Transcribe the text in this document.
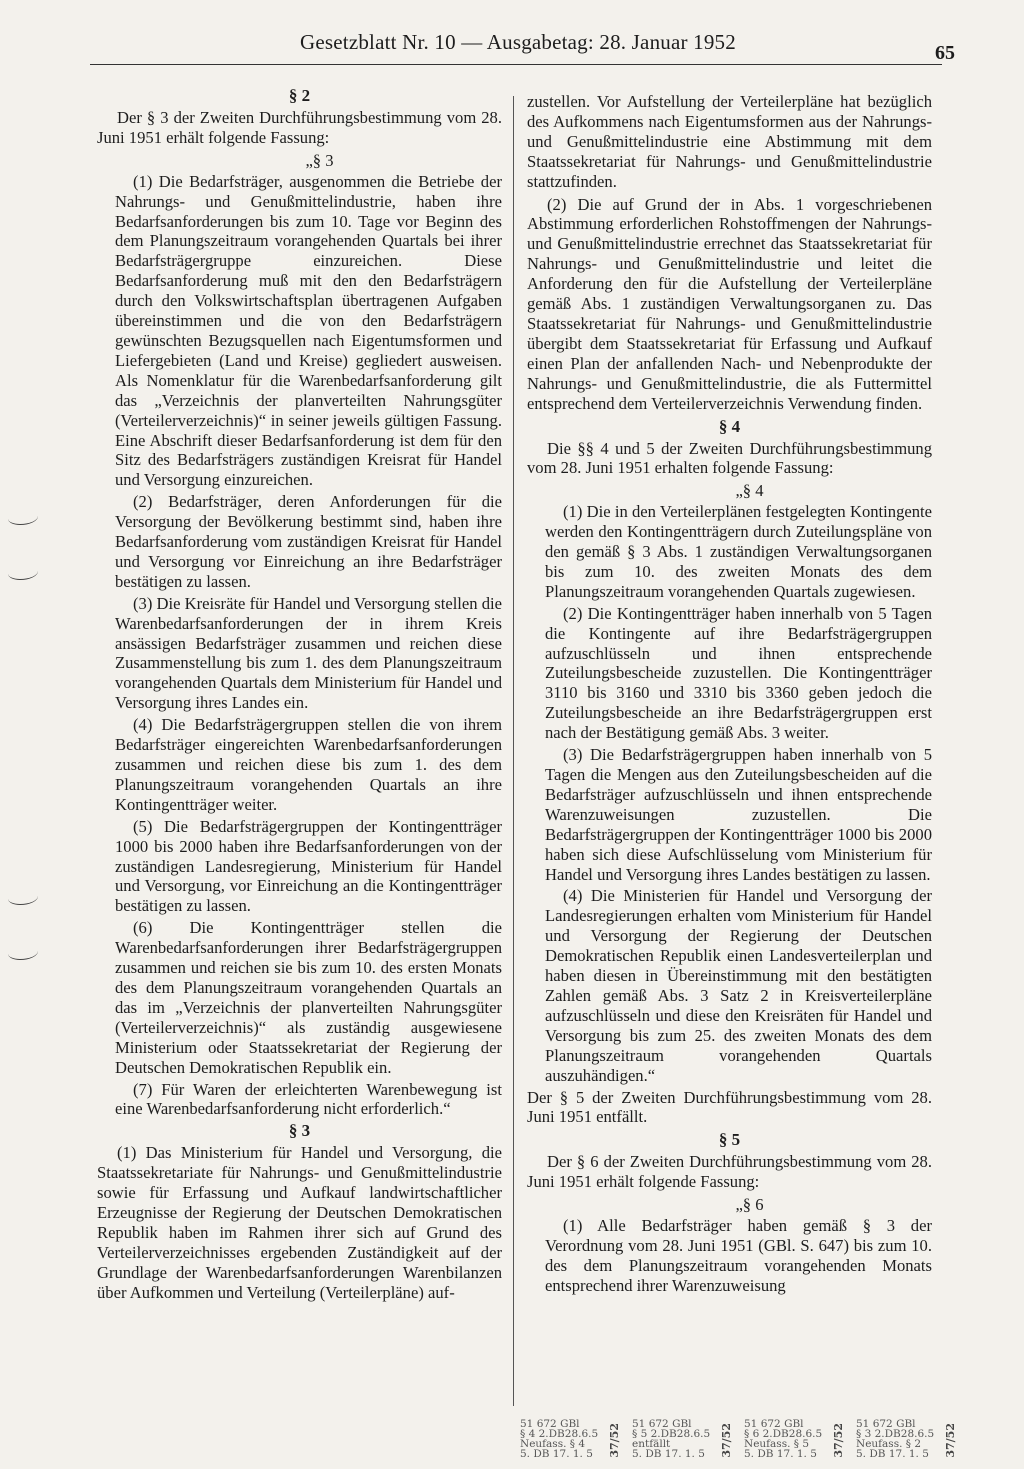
Gesetzblatt Nr. 10 — Ausgabetag: 28. Januar 1952	65
§ 2

Der § 3 der Zweiten Durchführungsbestimmung vom 28. Juni 1951 erhält folgende Fassung:

„§ 3

(1) Die Bedarfsträger, ausgenommen die Betriebe der Nahrungs- und Genußmittelindustrie, haben ihre Bedarfsanforderungen bis zum 10. Tage vor Beginn des dem Planungszeitraum vorangehenden Quartals bei ihrer Bedarfsträgergruppe einzureichen. Diese Bedarfsanforderung muß mit den den Bedarfsträgern durch den Volkswirtschaftsplan übertragenen Aufgaben übereinstimmen und die von den Bedarfsträgern gewünschten Bezugsquellen nach Eigentumsformen und Liefergebieten (Land und Kreise) gegliedert ausweisen. Als Nomenklatur für die Warenbedarfsanforderung gilt das „Verzeichnis der planverteilten Nahrungsgüter (Verteilerverzeichnis)“ in seiner jeweils gültigen Fassung. Eine Abschrift dieser Bedarfsanforderung ist dem für den Sitz des Bedarfsträgers zuständigen Kreisrat für Handel und Versorgung einzureichen.

(2) Bedarfsträger, deren Anforderungen für die Versorgung der Bevölkerung bestimmt sind, haben ihre Bedarfsanforderung vom zuständigen Kreisrat für Handel und Versorgung vor Einreichung an ihre Bedarfsträger bestätigen zu lassen.

(3) Die Kreisräte für Handel und Versorgung stellen die Warenbedarfsanforderungen der in ihrem Kreis ansässigen Bedarfsträger zusammen und reichen diese Zusammenstellung bis zum 1. des dem Planungszeitraum vorangehenden Quartals dem Ministerium für Handel und Versorgung ihres Landes ein.

(4) Die Bedarfsträgergruppen stellen die von ihrem Bedarfsträger eingereichten Warenbedarfsanforderungen zusammen und reichen diese bis zum 1. des dem Planungszeitraum vorangehenden Quartals an ihre Kontingentträger weiter.

(5) Die Bedarfsträgergruppen der Kontingentträger 1000 bis 2000 haben ihre Bedarfsanforderungen von der zuständigen Landesregierung, Ministerium für Handel und Versorgung, vor Einreichung an die Kontingentträger bestätigen zu lassen.

(6) Die Kontingentträger stellen die Warenbedarfsanforderungen ihrer Bedarfsträgergruppen zusammen und reichen sie bis zum 10. des ersten Monats des dem Planungszeitraum vorangehenden Quartals an das im „Verzeichnis der planverteilten Nahrungsgüter (Verteilerverzeichnis)“ als zuständig ausgewiesene Ministerium oder Staatssekretariat der Regierung der Deutschen Demokratischen Republik ein.

(7) Für Waren der erleichterten Warenbewegung ist eine Warenbedarfsanforderung nicht erforderlich.“

§ 3

(1) Das Ministerium für Handel und Versorgung, die Staatssekretariate für Nahrungs- und Genußmittelindustrie sowie für Erfassung und Aufkauf landwirtschaftlicher Erzeugnisse der Regierung der Deutschen Demokratischen Republik haben im Rahmen ihrer sich auf Grund des Verteilerverzeichnisses ergebenden Zuständigkeit auf der Grundlage der Warenbedarfsanforderungen Warenbilanzen über Aufkommen und Verteilung (Verteilerpläne) auf-

zustellen. Vor Aufstellung der Verteilerpläne hat bezüglich des Aufkommens nach Eigentumsformen aus der Nahrungs- und Genußmittelindustrie eine Abstimmung mit dem Staatssekretariat für Nahrungs- und Genußmittelindustrie stattzufinden.

(2) Die auf Grund der in Abs. 1 vorgeschriebenen Abstimmung erforderlichen Rohstoffmengen der Nahrungs- und Genußmittelindustrie errechnet das Staatssekretariat für Nahrungs- und Genußmittelindustrie und leitet die Anforderung den für die Aufstellung der Verteilerpläne gemäß Abs. 1 zuständigen Verwaltungsorganen zu. Das Staatssekretariat für Nahrungs- und Genußmittelindustrie übergibt dem Staatssekretariat für Erfassung und Aufkauf einen Plan der anfallenden Nach- und Nebenprodukte der Nahrungs- und Genußmittelindustrie, die als Futtermittel entsprechend dem Verteilerverzeichnis Verwendung finden.

§ 4

Die §§ 4 und 5 der Zweiten Durchführungsbestimmung vom 28. Juni 1951 erhalten folgende Fassung:

„§ 4

(1) Die in den Verteilerplänen festgelegten Kontingente werden den Kontingentträgern durch Zuteilungspläne von den gemäß § 3 Abs. 1 zuständigen Verwaltungsorganen bis zum 10. des zweiten Monats des dem Planungszeitraum vorangehenden Quartals zugewiesen.

(2) Die Kontingentträger haben innerhalb von 5 Tagen die Kontingente auf ihre Bedarfsträgergruppen aufzuschlüsseln und ihnen entsprechende Zuteilungsbescheide zuzustellen. Die Kontingentträger 3110 bis 3160 und 3310 bis 3360 geben jedoch die Zuteilungsbescheide an ihre Bedarfsträgergruppen erst nach der Bestätigung gemäß Abs. 3 weiter.

(3) Die Bedarfsträgergruppen haben innerhalb von 5 Tagen die Mengen aus den Zuteilungsbescheiden auf die Bedarfsträger aufzuschlüsseln und ihnen entsprechende Warenzuweisungen zuzustellen. Die Bedarfsträgergruppen der Kontingentträger 1000 bis 2000 haben sich diese Aufschlüsselung vom Ministerium für Handel und Versorgung ihres Landes bestätigen zu lassen.

(4) Die Ministerien für Handel und Versorgung der Landesregierungen erhalten vom Ministerium für Handel und Versorgung der Regierung der Deutschen Demokratischen Republik einen Landesverteilerplan und haben diesen in Übereinstimmung mit den bestätigten Zahlen gemäß Abs. 3 Satz 2 in Kreisverteilerpläne aufzuschlüsseln und diese den Kreisräten für Handel und Versorgung bis zum 25. des zweiten Monats des dem Planungszeitraum vorangehenden Quartals auszuhändigen.“

Der § 5 der Zweiten Durchführungsbestimmung vom 28. Juni 1951 entfällt.

§ 5

Der § 6 der Zweiten Durchführungsbestimmung vom 28. Juni 1951 erhält folgende Fassung:

„§ 6

(1) Alle Bedarfsträger haben gemäß § 3 der Verordnung vom 28. Juni 1951 (GBl. S. 647) bis zum 10. des dem Planungszeitraum vorangehenden Monats entsprechend ihrer Warenzuweisung

51 672 GBl
§ 4 2.DB28.6.5
Neufass. § 4
5. DB 17. 1. 5	37/52 51 672 GBl
§ 5 2.DB28.6.5
entfällt
5. DB 17. 1. 5	37/52 51 672 GBl
§ 6 2.DB28.6.5
Neufass. § 5
5. DB 17. 1. 5	37/52 51 672 GBl
§ 3 2.DB28.6.5
Neufass. § 2
5. DB 17. 1. 5	37/52
